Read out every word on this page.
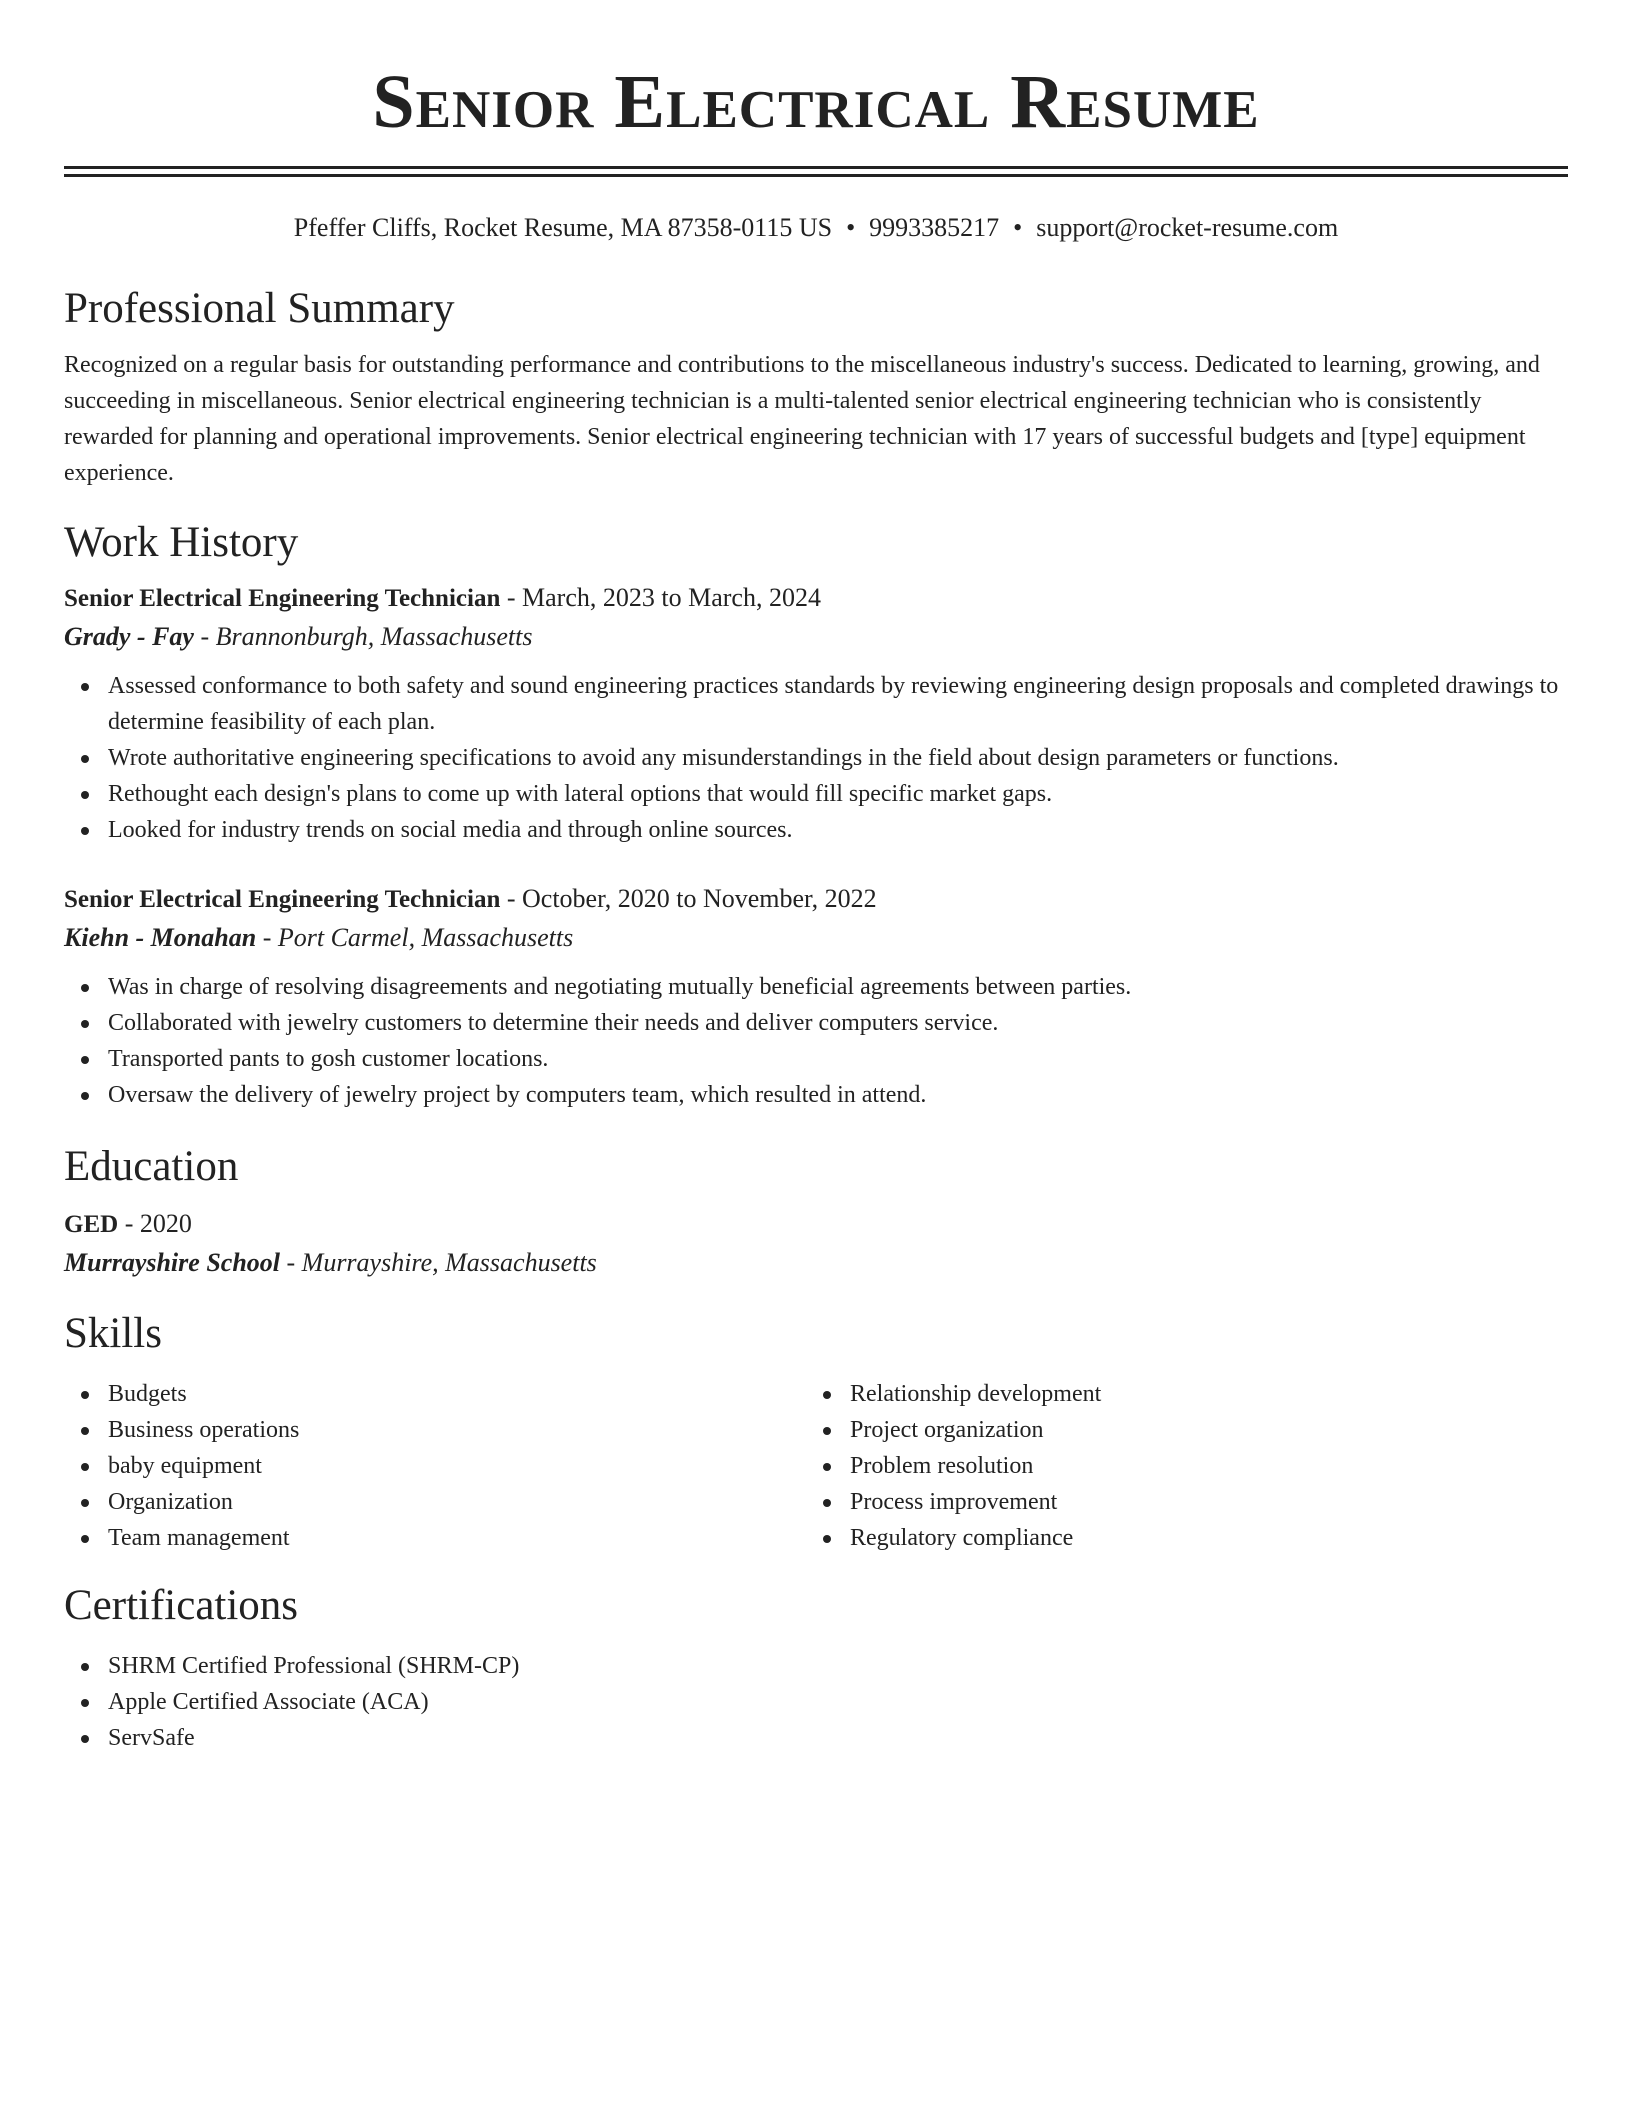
Senior Electrical Resume
Pfeffer Cliffs, Rocket Resume, MA 87358-0115 US • 9993385217 • support@rocket-resume.com
Professional Summary

Recognized on a regular basis for outstanding performance and contributions to the miscellaneous industry's success. Dedicated to learning, growing, and succeeding in miscellaneous. Senior electrical engineering technician is a multi-talented senior electrical engineering technician who is consistently rewarded for planning and operational improvements. Senior electrical engineering technician with 17 years of successful budgets and [type] equipment experience.

Work History
Senior Electrical Engineering Technician - March, 2023 to March, 2024
Grady - Fay - Brannonburgh, Massachusetts
Assessed conformance to both safety and sound engineering practices standards by reviewing engineering design proposals and completed drawings to determine feasibility of each plan.
Wrote authoritative engineering specifications to avoid any misunderstandings in the field about design parameters or functions.
Rethought each design's plans to come up with lateral options that would fill specific market gaps.
Looked for industry trends on social media and through online sources.
Senior Electrical Engineering Technician - October, 2020 to November, 2022
Kiehn - Monahan - Port Carmel, Massachusetts
Was in charge of resolving disagreements and negotiating mutually beneficial agreements between parties.
Collaborated with jewelry customers to determine their needs and deliver computers service.
Transported pants to gosh customer locations.
Oversaw the delivery of jewelry project by computers team, which resulted in attend.
Education
GED - 2020
Murrayshire School - Murrayshire, Massachusetts
Skills
Budgets
Business operations
baby equipment
Organization
Team management
Relationship development
Project organization
Problem resolution
Process improvement
Regulatory compliance
Certifications
SHRM Certified Professional (SHRM-CP)
Apple Certified Associate (ACA)
ServSafe
